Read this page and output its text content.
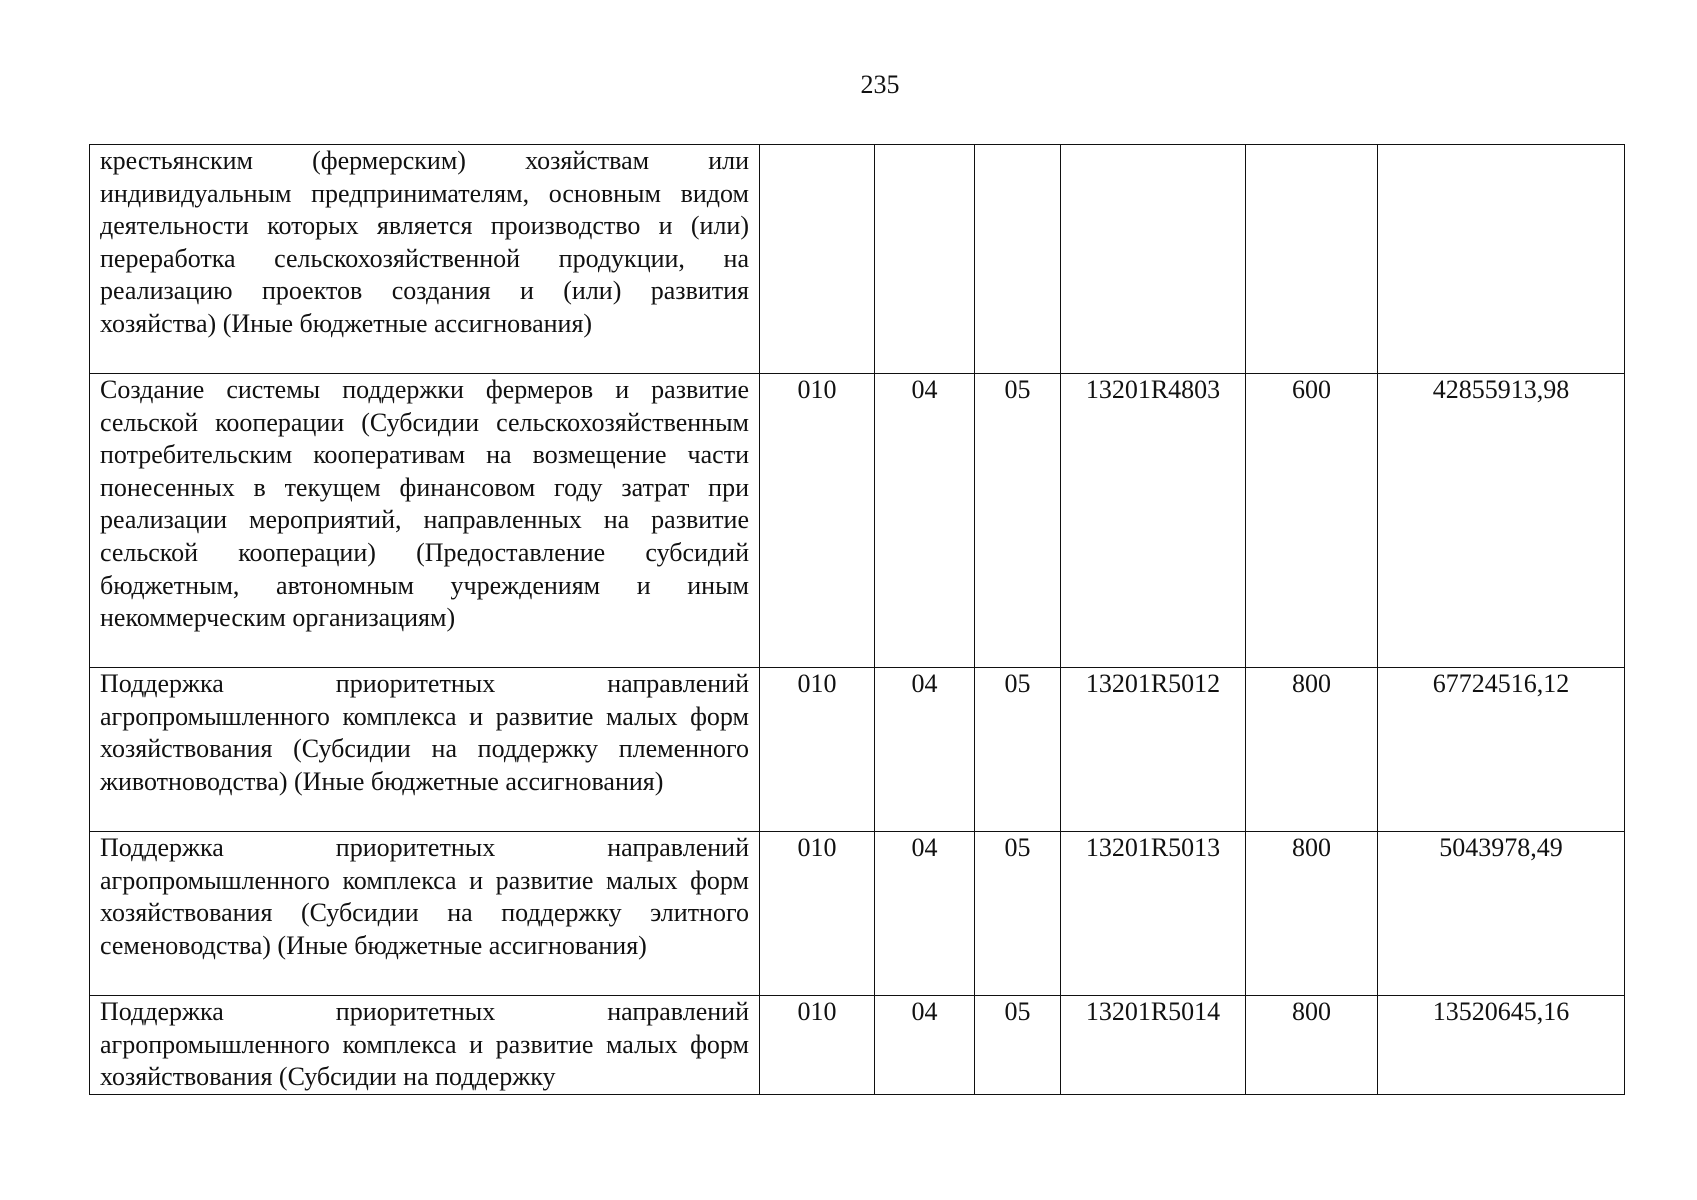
235
крестьянским (фермерским) хозяйствам или индивидуальным предпринимателям, основным видом деятельности которых является производство и (или) переработка сельскохозяйственной продукции, на реализацию проектов создания и (или) развития хозяйства) (Иные бюджетные ассигнования)						
Создание системы поддержки фермеров и развитие сельской кооперации (Субсидии сельскохозяйственным потребительским кооперативам на возмещение части понесенных в текущем финансовом году затрат при реализации мероприятий, направленных на развитие сельской кооперации) (Предоставление субсидий бюджетным, автономным учреждениям и иным некоммерческим организациям)	010	04	05	13201R4803	600	42855913,98
Поддержка приоритетных направлений агропромышленного комплекса и развитие малых форм хозяйствования (Субсидии на поддержку племенного животноводства) (Иные бюджетные ассигнования)	010	04	05	13201R5012	800	67724516,12
Поддержка приоритетных направлений агропромышленного комплекса и развитие малых форм хозяйствования (Субсидии на поддержку элитного семеноводства) (Иные бюджетные ассигнования)	010	04	05	13201R5013	800	5043978,49
Поддержка приоритетных направлений агропромышленного комплекса и развитие малых форм хозяйствования (Субсидии на поддержку	010	04	05	13201R5014	800	13520645,16
